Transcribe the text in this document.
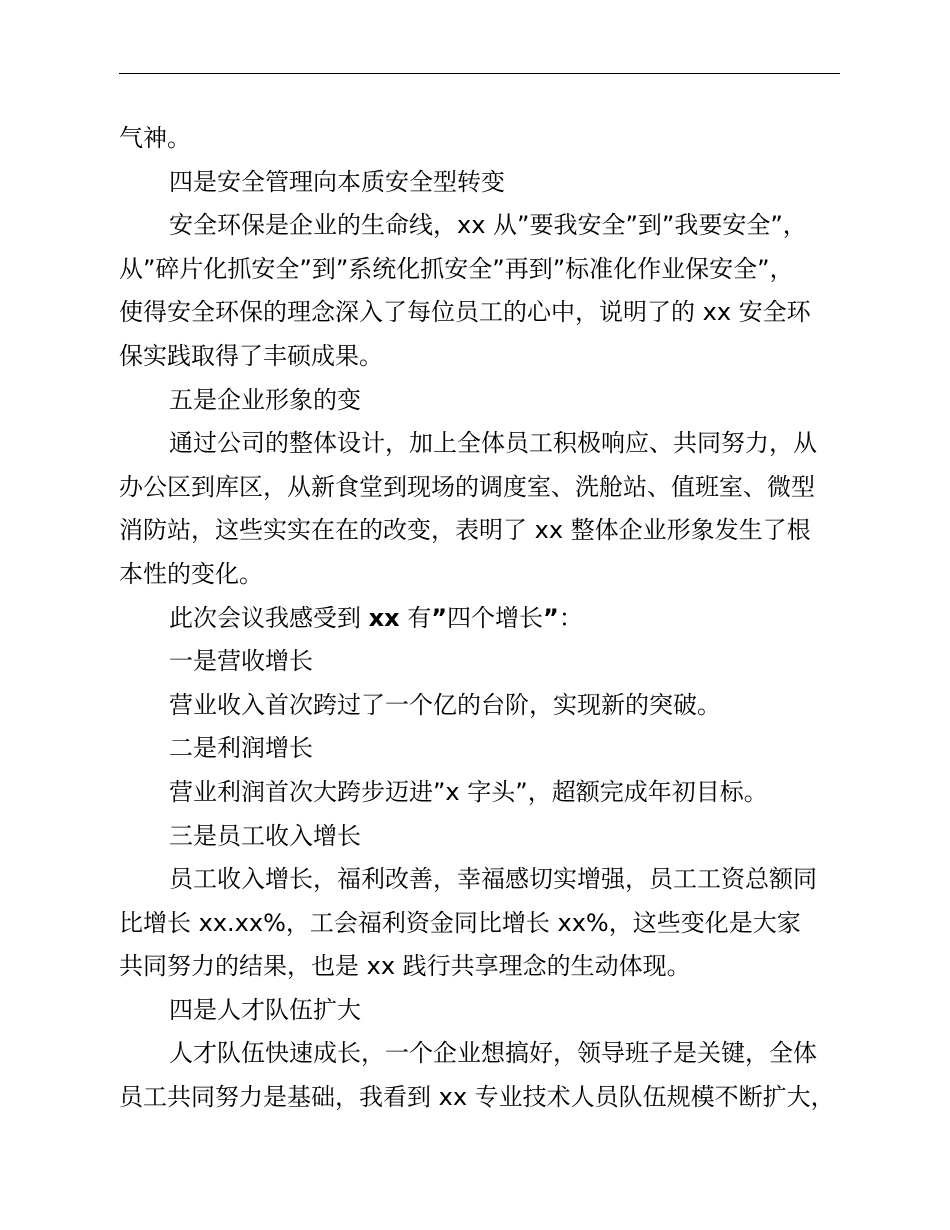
气神。
四是安全管理向本质安全型转变
安全环保是企业的生命线，xx 从”要我安全”到”我要安全”，
从”碎片化抓安全”到”系统化抓安全”再到”标准化作业保安全”，
使得安全环保的理念深入了每位员工的心中，说明了的 xx 安全环
保实践取得了丰硕成果。
五是企业形象的变
通过公司的整体设计，加上全体员工积极响应、共同努力，从
办公区到库区，从新食堂到现场的调度室、洗舱站、值班室、微型
消防站，这些实实在在的改变，表明了 xx 整体企业形象发生了根
本性的变化。
此次会议我感受到 xx 有”四个增长”：
一是营收增长
营业收入首次跨过了一个亿的台阶，实现新的突破。
二是利润增长
营业利润首次大跨步迈进”x 字头”，超额完成年初目标。
三是员工收入增长
员工收入增长，福利改善，幸福感切实增强，员工工资总额同
比增长 xx.xx%，工会福利资金同比增长 xx%，这些变化是大家
共同努力的结果，也是 xx 践行共享理念的生动体现。
四是人才队伍扩大
人才队伍快速成长，一个企业想搞好，领导班子是关键，全体
员工共同努力是基础，我看到 xx 专业技术人员队伍规模不断扩大，
